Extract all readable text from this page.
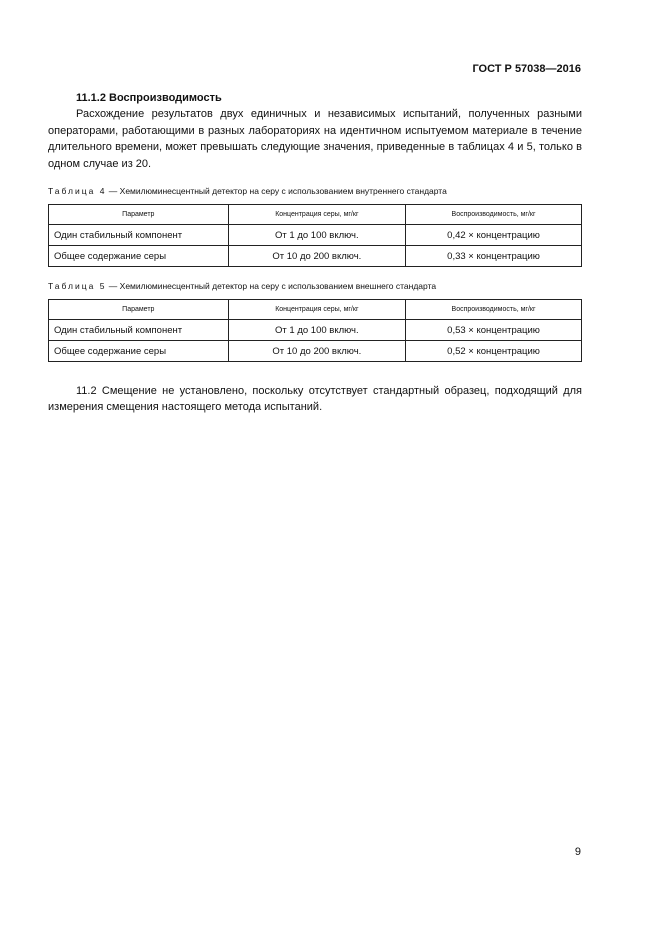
ГОСТ Р 57038—2016

11.1.2 Воспроизводимость

Расхождение результатов двух единичных и независимых испытаний, полученных разными операторами, работающими в разных лабораториях на идентичном испытуемом материале в течение длительного времени, может превышать следующие значения, приведенные в таблицах 4 и 5, только в одном случае из 20.

Таблица 4 — Хемилюминесцентный детектор на серу с использованием внутреннего стандарта
Параметр	Концентрация серы, мг/кг	Воспроизводимость, мг/кг
Один стабильный компонент	От 1 до 100 включ.	0,42 × концентрацию
Общее содержание серы	От 10 до 200 включ.	0,33 × концентрацию
Таблица 5 — Хемилюминесцентный детектор на серу с использованием внешнего стандарта
Параметр	Концентрация серы, мг/кг	Воспроизводимость, мг/кг
Один стабильный компонент	От 1 до 100 включ.	0,53 × концентрацию
Общее содержание серы	От 10 до 200 включ.	0,52 × концентрацию

11.2 Смещение не установлено, поскольку отсутствует стандартный образец, подходящий для измерения смещения настоящего метода испытаний.

9
